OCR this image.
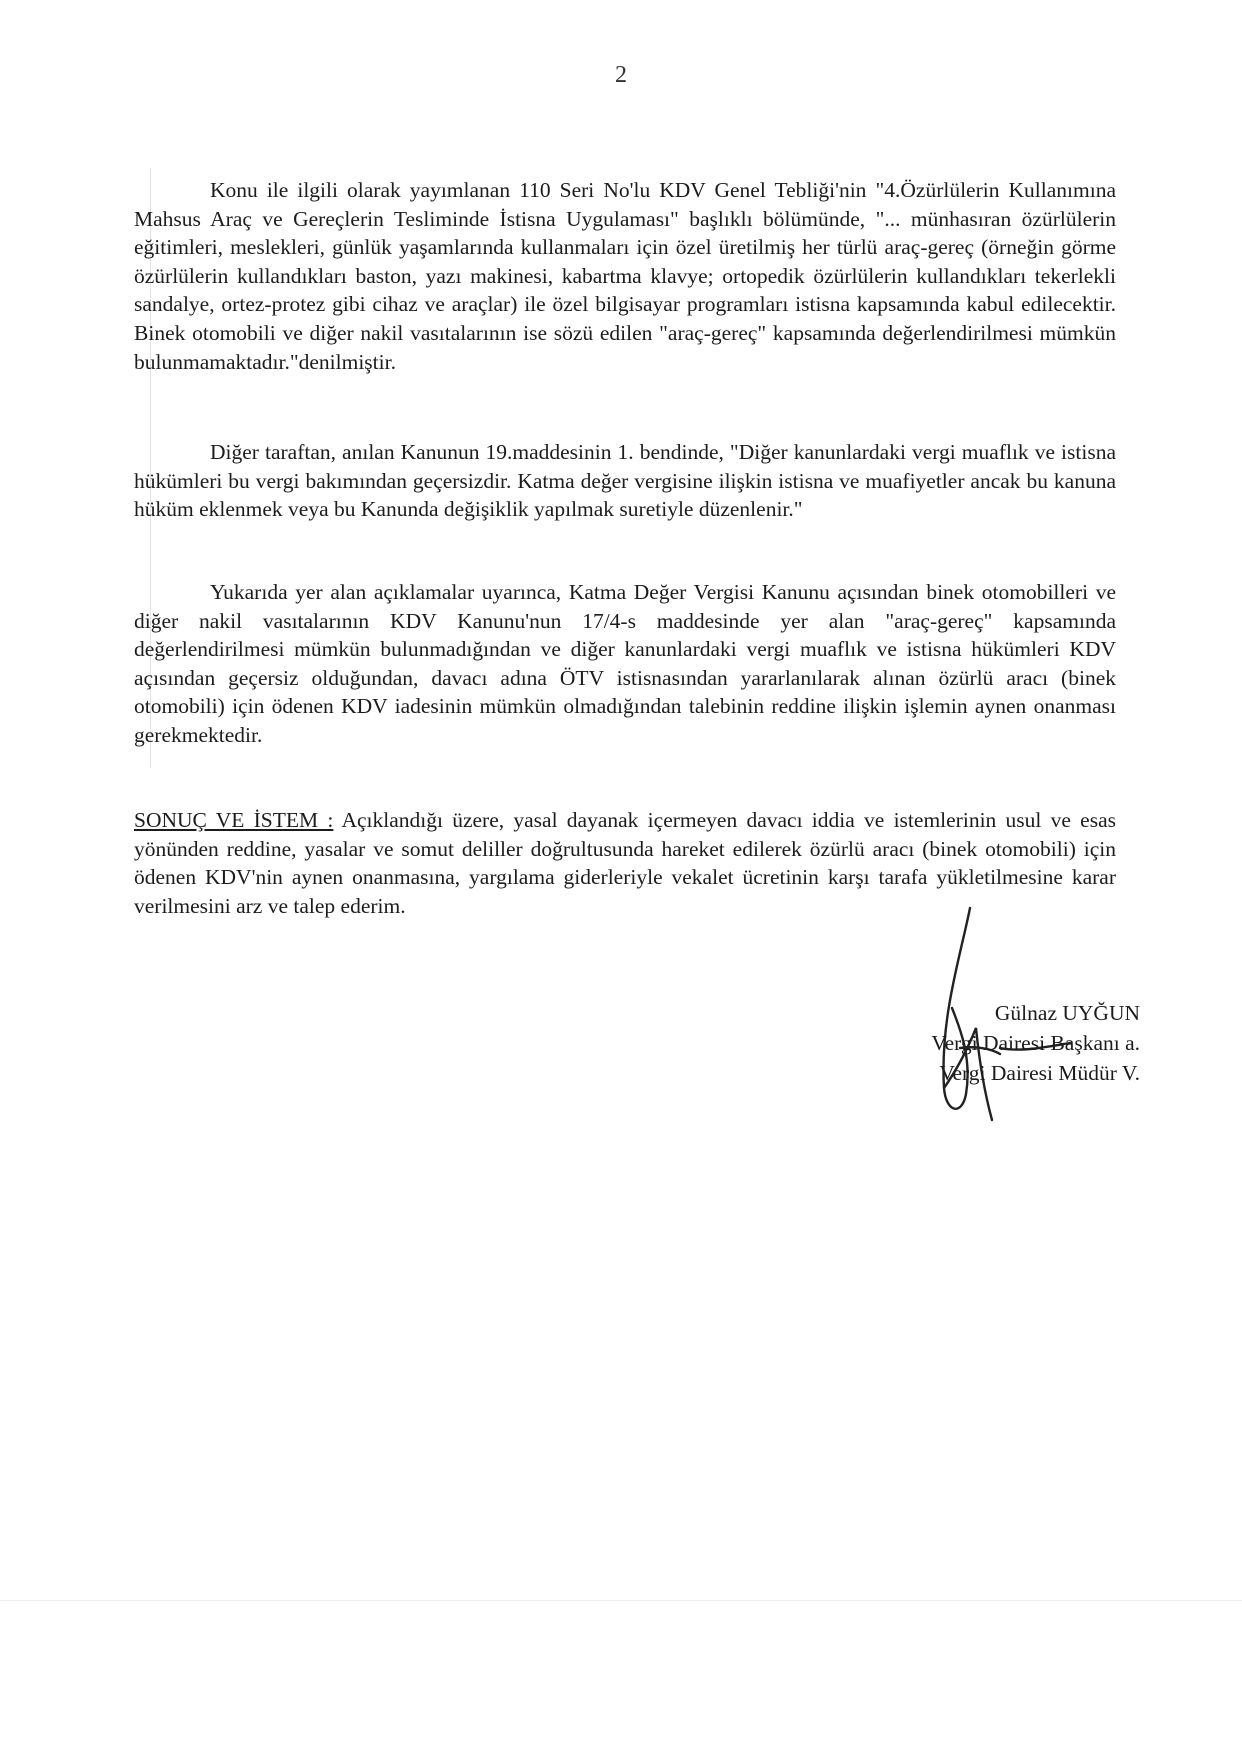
2

Konu ile ilgili olarak yayımlanan 110 Seri No'lu KDV Genel Tebliği'nin "4.Özürlülerin Kullanımına Mahsus Araç ve Gereçlerin Tesliminde İstisna Uygulaması" başlıklı bölümünde, "... münhasıran özürlülerin eğitimleri, meslekleri, günlük yaşamlarında kullanmaları için özel üretilmiş her türlü araç-gereç (örneğin görme özürlülerin kullandıkları baston, yazı makinesi, kabartma klavye; ortopedik özürlülerin kullandıkları tekerlekli sandalye, ortez-protez gibi cihaz ve araçlar) ile özel bilgisayar programları istisna kapsamında kabul edilecektir. Binek otomobili ve diğer nakil vasıtalarının ise sözü edilen "araç-gereç" kapsamında değerlendirilmesi mümkün bulunmamaktadır."denilmiştir.

Diğer taraftan, anılan Kanunun 19.maddesinin 1. bendinde, "Diğer kanunlardaki vergi muaflık ve istisna hükümleri bu vergi bakımından geçersizdir. Katma değer vergisine ilişkin istisna ve muafiyetler ancak bu kanuna hüküm eklenmek veya bu Kanunda değişiklik yapılmak suretiyle düzenlenir."

Yukarıda yer alan açıklamalar uyarınca, Katma Değer Vergisi Kanunu açısından binek otomobilleri ve diğer nakil vasıtalarının KDV Kanunu'nun 17/4-s maddesinde yer alan "araç-gereç" kapsamında değerlendirilmesi mümkün bulunmadığından ve diğer kanunlardaki vergi muaflık ve istisna hükümleri KDV açısından geçersiz olduğundan, davacı adına ÖTV istisnasından yararlanılarak alınan özürlü aracı (binek otomobili) için ödenen KDV iadesinin mümkün olmadığından talebinin reddine ilişkin işlemin aynen onanması gerekmektedir.

SONUÇ VE İSTEM : Açıklandığı üzere, yasal dayanak içermeyen davacı iddia ve istemlerinin usul ve esas yönünden reddine, yasalar ve somut deliller doğrultusunda hareket edilerek özürlü aracı (binek otomobili) için ödenen KDV'nin aynen onanmasına, yargılama giderleriyle vekalet ücretinin karşı tarafa yükletilmesine karar verilmesini arz ve talep ederim.

Gülnaz UYĞUN
Vergi Dairesi Başkanı a.
Vergi Dairesi Müdür V.
